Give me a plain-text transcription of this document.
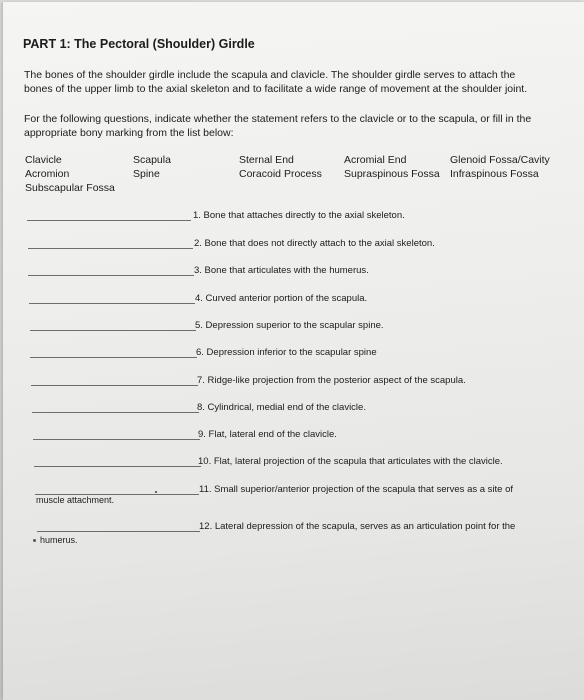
PART 1: The Pectoral (Shoulder) Girdle
The bones of the shoulder girdle include the scapula and clavicle. The shoulder girdle serves to attach the
bones of the upper limb to the axial skeleton and to facilitate a wide range of movement at the shoulder joint.
For the following questions, indicate whether the statement refers to the clavicle or to the scapula, or fill in the
appropriate bony marking from the list below:
Clavicle
Acromion
Subscapular Fossa
Scapula
Spine
Sternal End
Coracoid Process
Acromial End
Supraspinous Fossa
Glenoid Fossa/Cavity
Infraspinous Fossa
1. Bone that attaches directly to the axial skeleton.
2. Bone that does not directly attach to the axial skeleton.
3. Bone that articulates with the humerus.
4. Curved anterior portion of the scapula.
5. Depression superior to the scapular spine.
6. Depression inferior to the scapular spine
7. Ridge-like projection from the posterior aspect of the scapula.
8. Cylindrical, medial end of the clavicle.
9. Flat, lateral end of the clavicle.
10. Flat, lateral projection of the scapula that articulates with the clavicle.
11. Small superior/anterior projection of the scapula that serves as a site of
muscle attachment.
12. Lateral depression of the scapula, serves as an articulation point for the
humerus.
